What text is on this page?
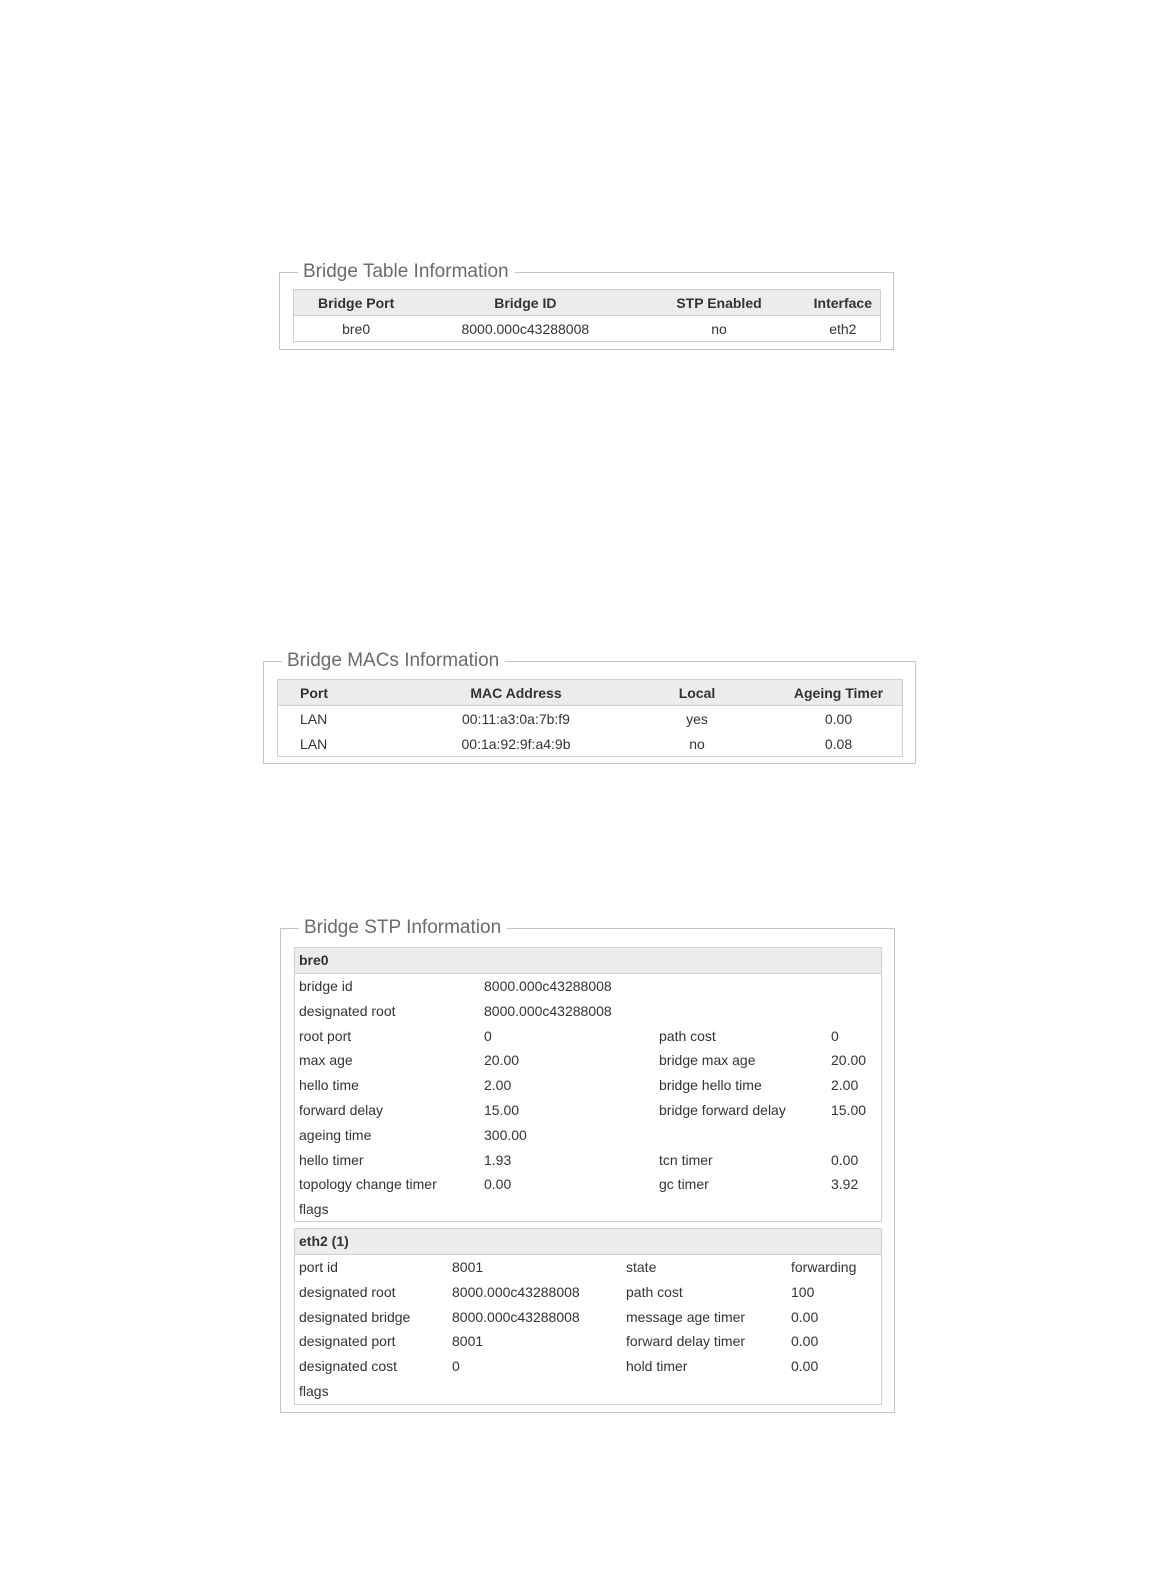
Bridge Table Information
Bridge Port	Bridge ID	STP Enabled	Interface
bre0	8000.000c43288008	no	eth2
Bridge MACs Information
Port	MAC Address	Local	Ageing Timer
LAN	00:11:a3:0a:7b:f9	yes	0.00
LAN	00:1a:92:9f:a4:9b	no	0.08
Bridge STP Information
bre0
bridge id	8000.000c43288008
designated root	8000.000c43288008
root port	0	path cost	0
max age	20.00	bridge max age	20.00
hello time	2.00	bridge hello time	2.00
forward delay	15.00	bridge forward delay	15.00
ageing time	300.00
hello timer	1.93	tcn timer	0.00
topology change timer	0.00	gc timer	3.92
flags
eth2 (1)
port id	8001	state	forwarding
designated root	8000.000c43288008	path cost	100
designated bridge	8000.000c43288008	message age timer	0.00
designated port	8001	forward delay timer	0.00
designated cost	0	hold timer	0.00
flags
